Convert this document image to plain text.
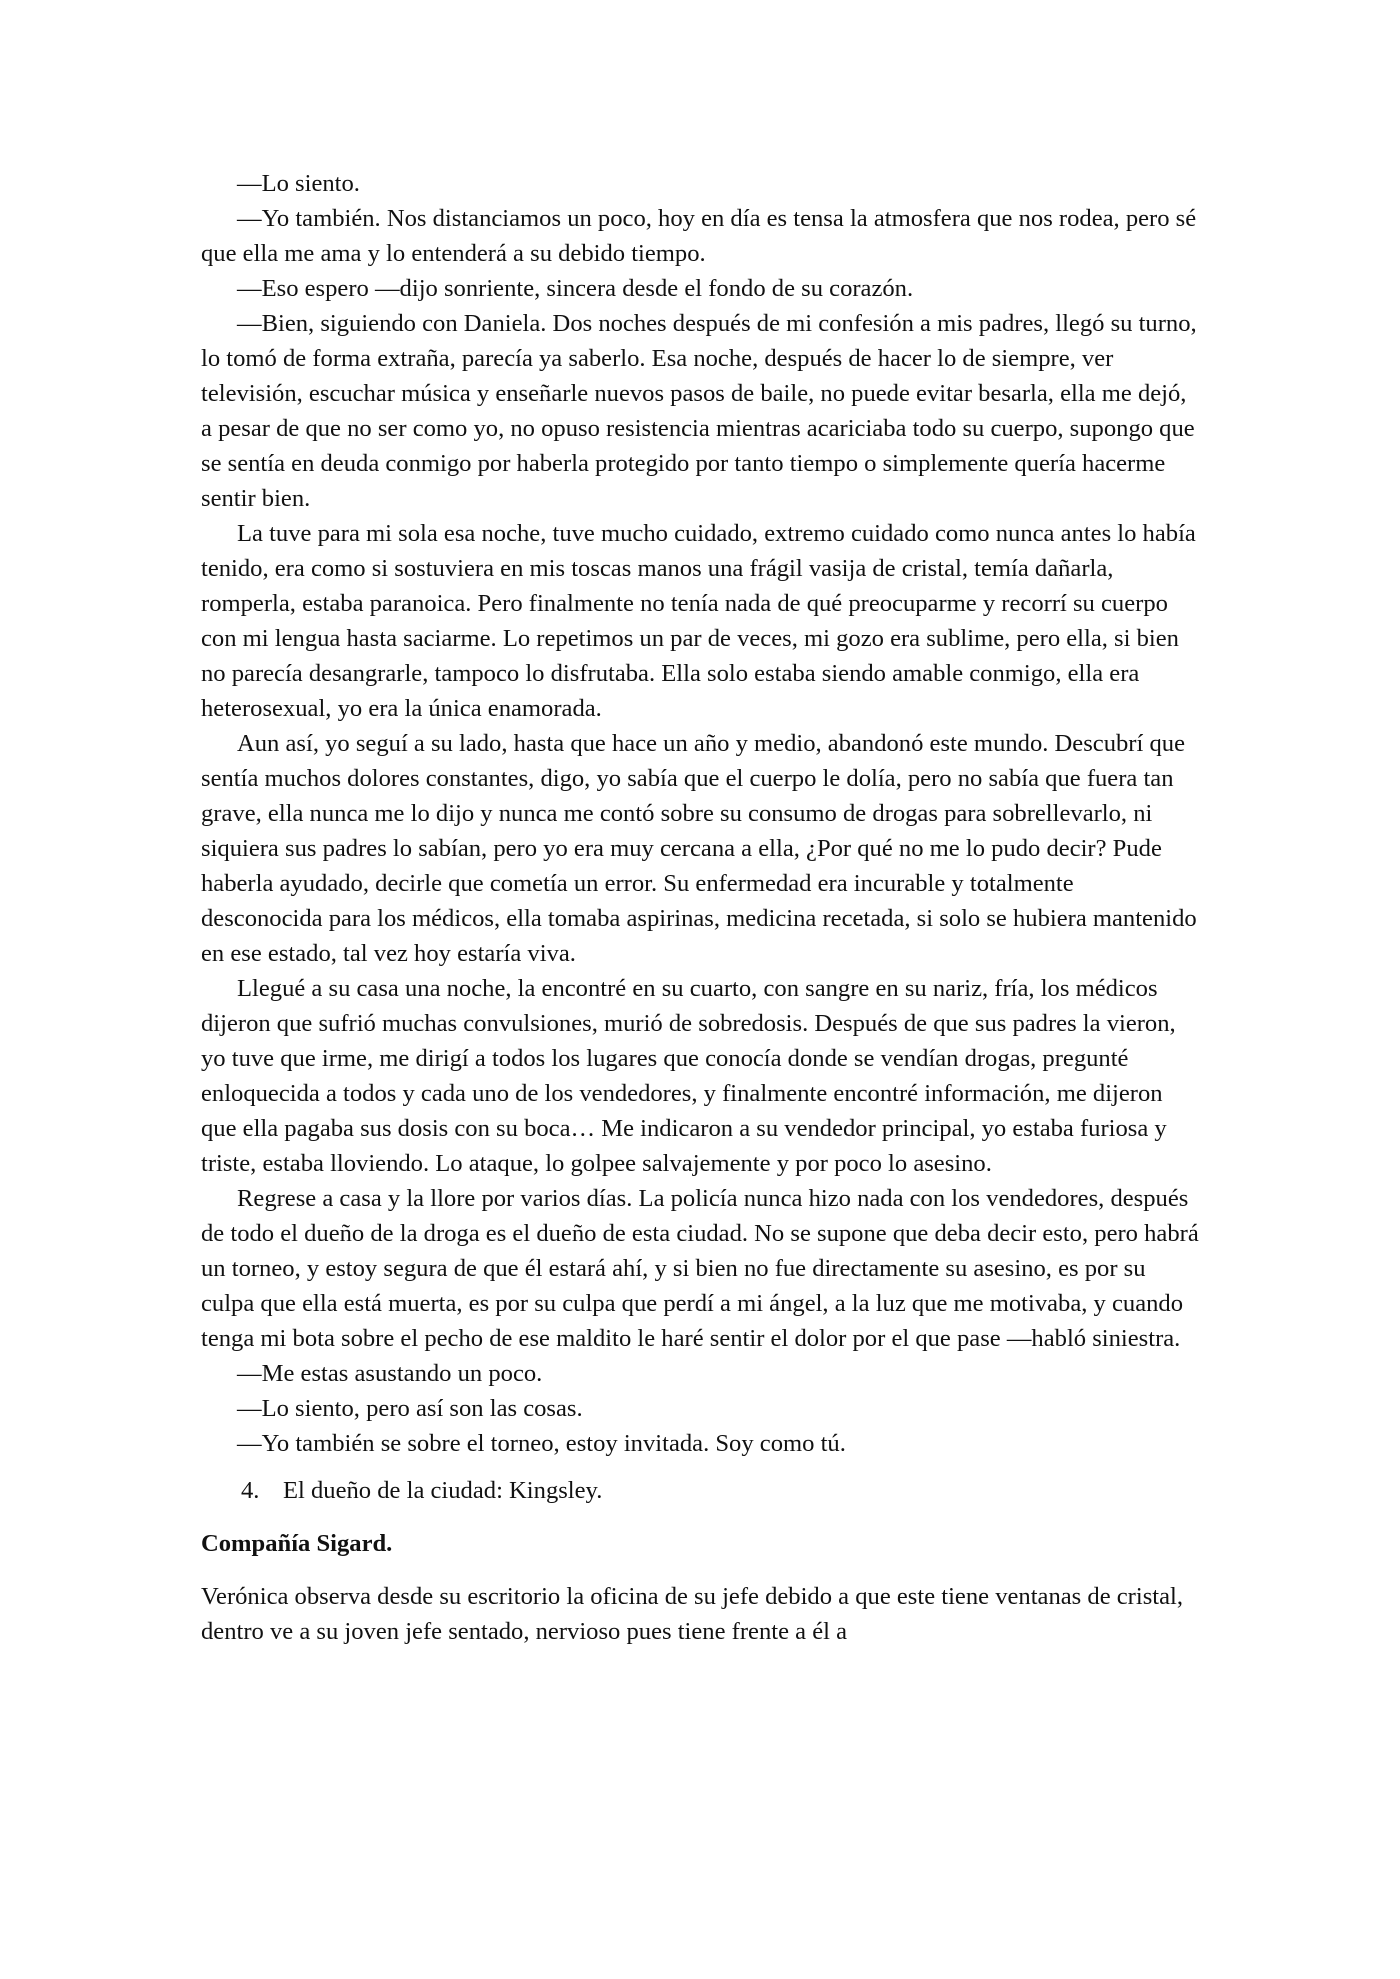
—Lo siento.

—Yo también. Nos distanciamos un poco, hoy en día es tensa la atmosfera que nos rodea, pero sé que ella me ama y lo entenderá a su debido tiempo.

—Eso espero —dijo sonriente, sincera desde el fondo de su corazón.

—Bien, siguiendo con Daniela. Dos noches después de mi confesión a mis padres, llegó su turno, lo tomó de forma extraña, parecía ya saberlo. Esa noche, después de hacer lo de siempre, ver televisión, escuchar música y enseñarle nuevos pasos de baile, no puede evitar besarla, ella me dejó, a pesar de que no ser como yo, no opuso resistencia mientras acariciaba todo su cuerpo, supongo que se sentía en deuda conmigo por haberla protegido por tanto tiempo o simplemente quería hacerme sentir bien.

La tuve para mi sola esa noche, tuve mucho cuidado, extremo cuidado como nunca antes lo había tenido, era como si sostuviera en mis toscas manos una frágil vasija de cristal, temía dañarla, romperla, estaba paranoica. Pero finalmente no tenía nada de qué preocuparme y recorrí su cuerpo con mi lengua hasta saciarme. Lo repetimos un par de veces, mi gozo era sublime, pero ella, si bien no parecía desangrarle, tampoco lo disfrutaba. Ella solo estaba siendo amable conmigo, ella era heterosexual, yo era la única enamorada.

Aun así, yo seguí a su lado, hasta que hace un año y medio, abandonó este mundo. Descubrí que sentía muchos dolores constantes, digo, yo sabía que el cuerpo le dolía, pero no sabía que fuera tan grave, ella nunca me lo dijo y nunca me contó sobre su consumo de drogas para sobrellevarlo, ni siquiera sus padres lo sabían, pero yo era muy cercana a ella, ¿Por qué no me lo pudo decir? Pude haberla ayudado, decirle que cometía un error. Su enfermedad era incurable y totalmente desconocida para los médicos, ella tomaba aspirinas, medicina recetada, si solo se hubiera mantenido en ese estado, tal vez hoy estaría viva.

Llegué a su casa una noche, la encontré en su cuarto, con sangre en su nariz, fría, los médicos dijeron que sufrió muchas convulsiones, murió de sobredosis. Después de que sus padres la vieron, yo tuve que irme, me dirigí a todos los lugares que conocía donde se vendían drogas, pregunté enloquecida a todos y cada uno de los vendedores, y finalmente encontré información, me dijeron que ella pagaba sus dosis con su boca… Me indicaron a su vendedor principal, yo estaba furiosa y triste, estaba lloviendo. Lo ataque, lo golpee salvajemente y por poco lo asesino.

Regrese a casa y la llore por varios días. La policía nunca hizo nada con los vendedores, después de todo el dueño de la droga es el dueño de esta ciudad. No se supone que deba decir esto, pero habrá un torneo, y estoy segura de que él estará ahí, y si bien no fue directamente su asesino, es por su culpa que ella está muerta, es por su culpa que perdí a mi ángel, a la luz que me motivaba, y cuando tenga mi bota sobre el pecho de ese maldito le haré sentir el dolor por el que pase —habló siniestra.

—Me estas asustando un poco.

—Lo siento, pero así son las cosas.

—Yo también se sobre el torneo, estoy invitada. Soy como tú.

4. El dueño de la ciudad: Kingsley.
Compañía Sigard.

Verónica observa desde su escritorio la oficina de su jefe debido a que este tiene ventanas de cristal, dentro ve a su joven jefe sentado, nervioso pues tiene frente a él a
